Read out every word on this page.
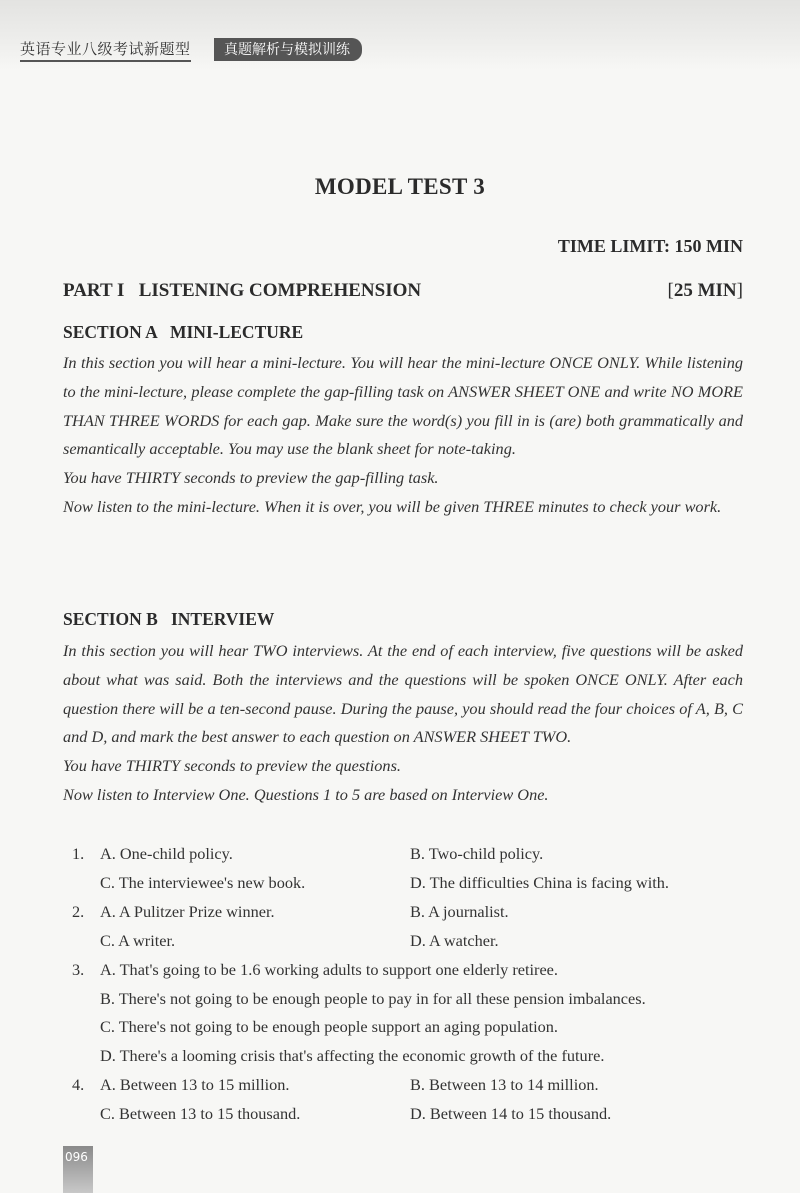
英语专业八级考试新题型	真题解析与模拟训练
MODEL TEST 3
TIME LIMIT: 150 MIN
PART I   LISTENING COMPREHENSION	[25 MIN]
SECTION A   MINI-LECTURE

In this section you will hear a mini-lecture. You will hear the mini-lecture ONCE ONLY. While listening to the mini-lecture, please complete the gap-filling task on ANSWER SHEET ONE and write NO MORE THAN THREE WORDS for each gap. Make sure the word(s) you fill in is (are) both grammatically and semantically acceptable. You may use the blank sheet for note-taking.

You have THIRTY seconds to preview the gap-filling task.

Now listen to the mini-lecture. When it is over, you will be given THREE minutes to check your work.

SECTION B   INTERVIEW

In this section you will hear TWO interviews. At the end of each interview, five questions will be asked about what was said. Both the interviews and the questions will be spoken ONCE ONLY. After each question there will be a ten-second pause. During the pause, you should read the four choices of A, B, C and D, and mark the best answer to each question on ANSWER SHEET TWO.

You have THIRTY seconds to preview the questions.

Now listen to Interview One. Questions 1 to 5 are based on Interview One.

1. A. One-child policy.	B. Two-child policy.
C. The interviewee's new book.	D. The difficulties China is facing with.
2. A. A Pulitzer Prize winner.	B. A journalist.
C. A writer.	D. A watcher.
3. A. That's going to be 1.6 working adults to support one elderly retiree.
B. There's not going to be enough people to pay in for all these pension imbalances.
C. There's not going to be enough people support an aging population.
D. There's a looming crisis that's affecting the economic growth of the future.
4. A. Between 13 to 15 million.	B. Between 13 to 14 million.
C. Between 13 to 15 thousand.	D. Between 14 to 15 thousand.
096
